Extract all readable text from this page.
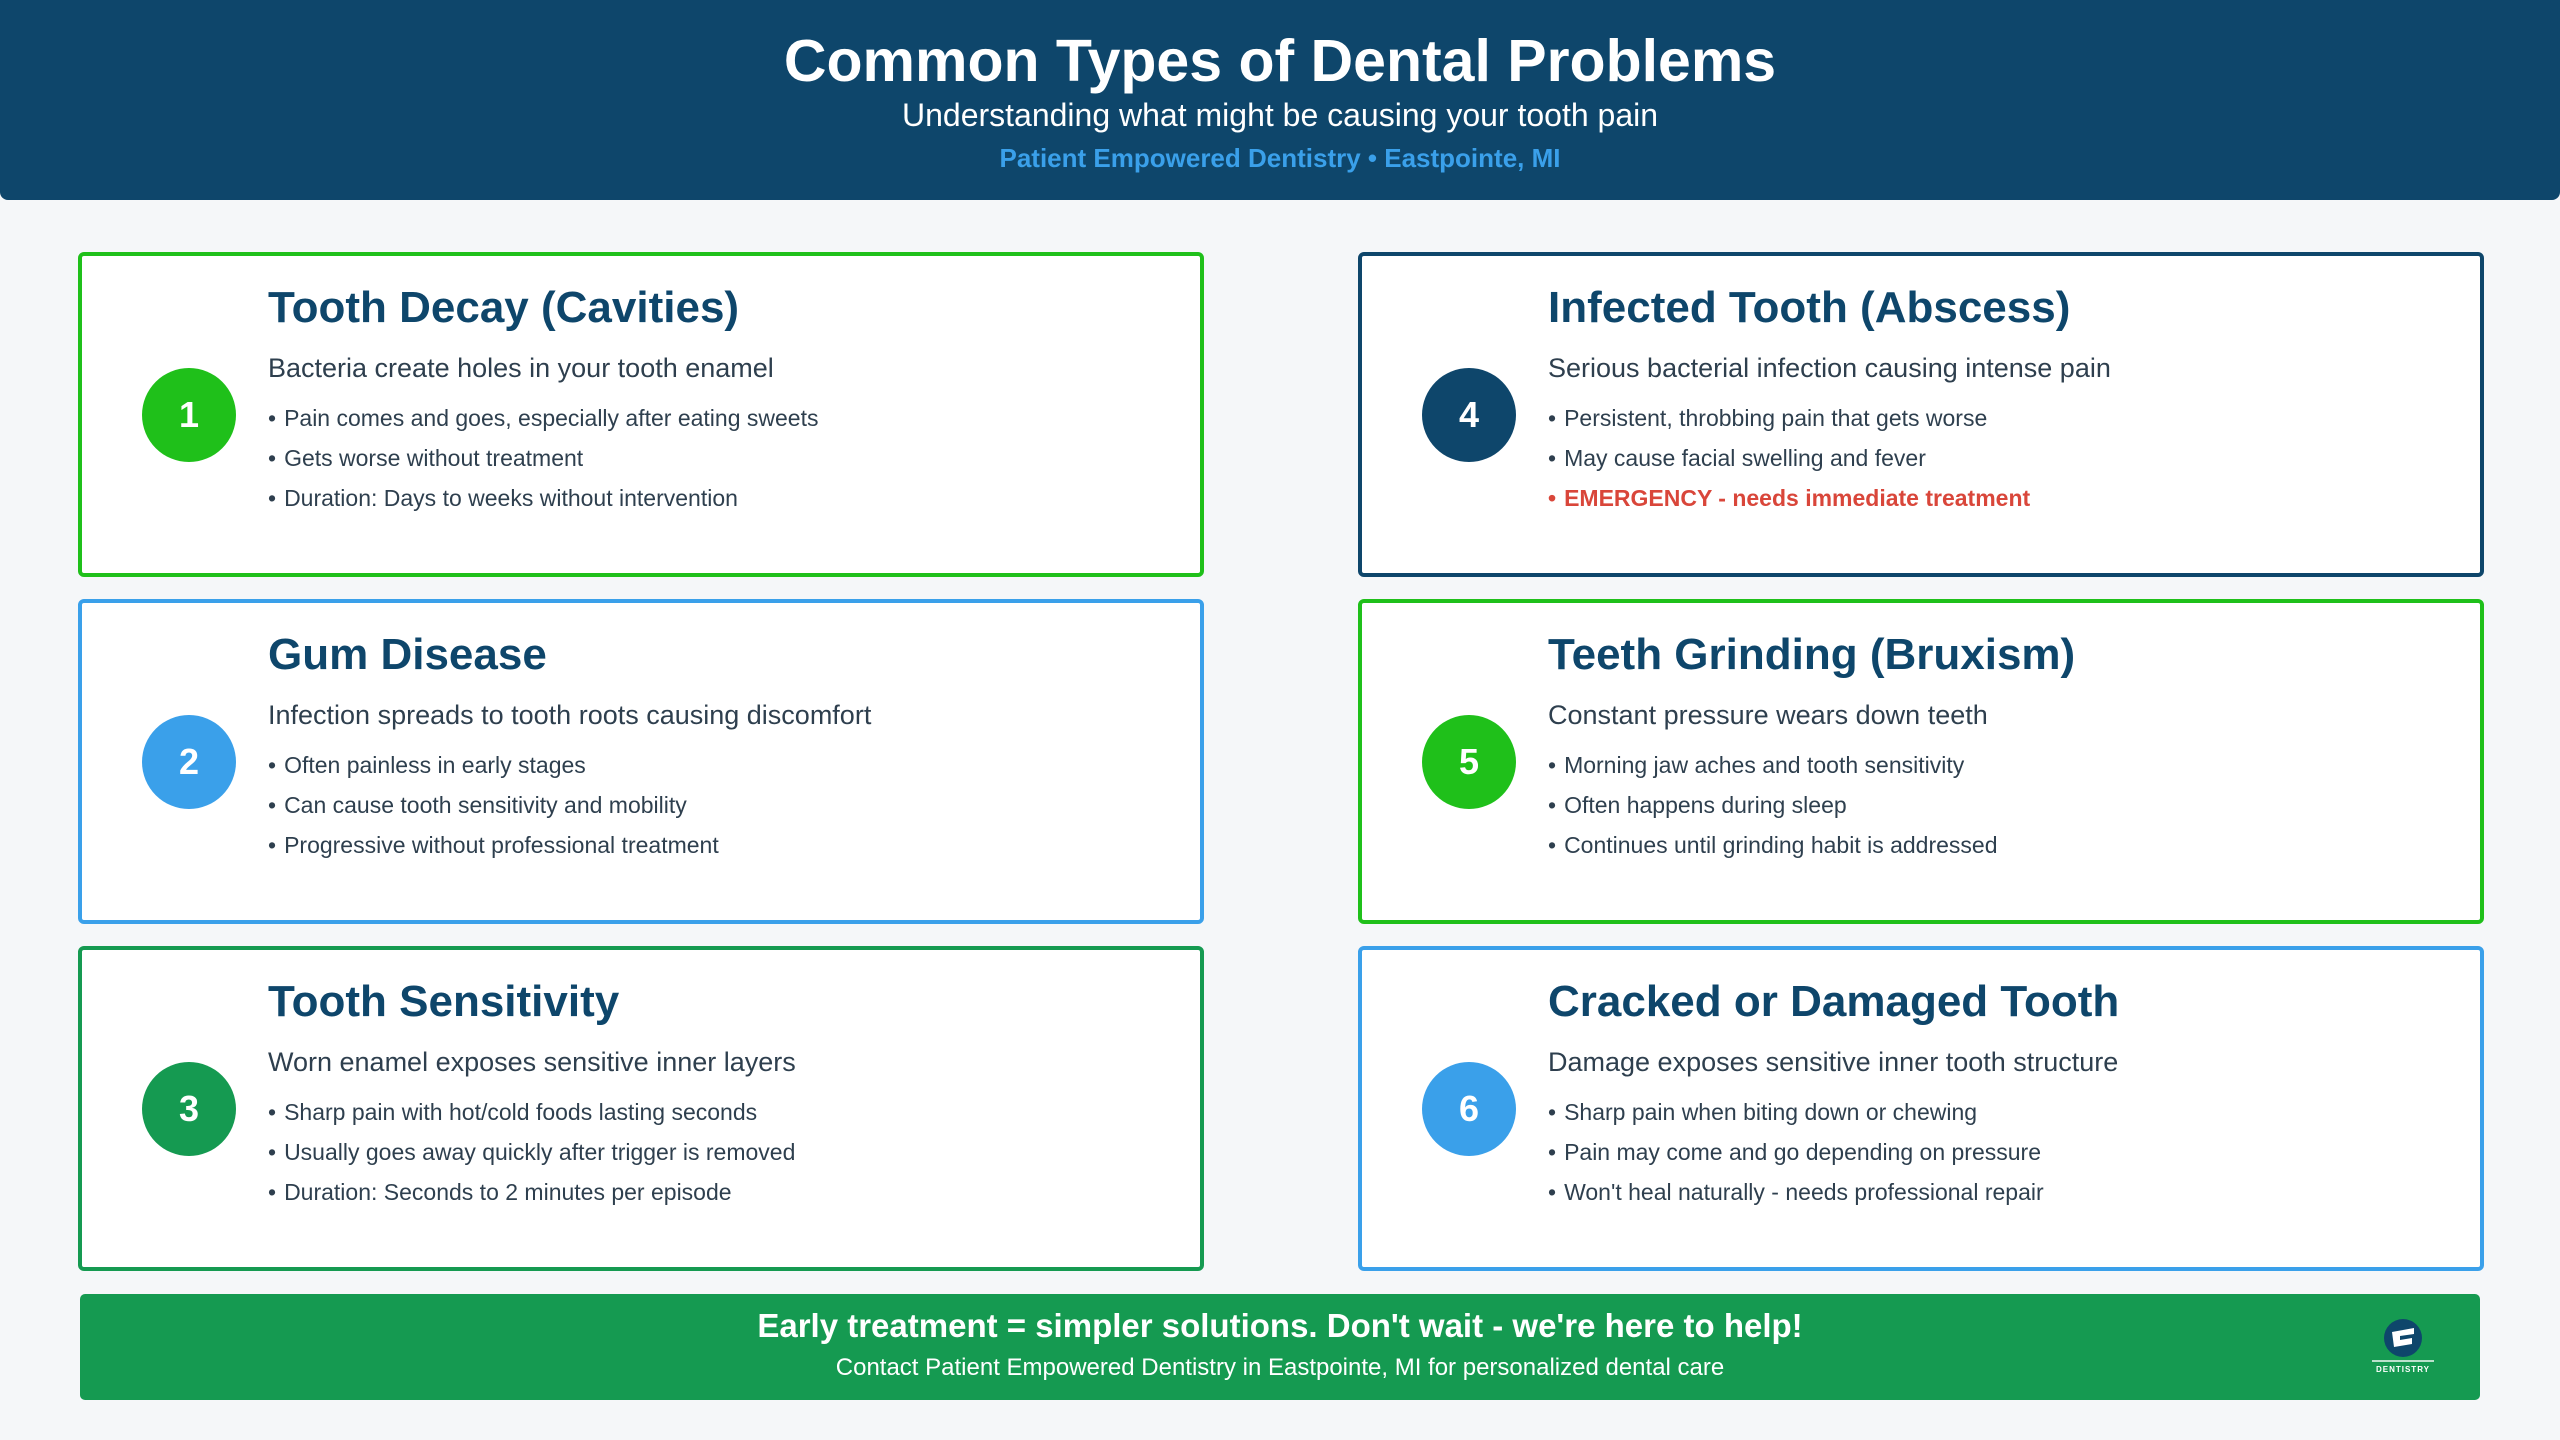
Common Types of Dental Problems
Understanding what might be causing your tooth pain
Patient Empowered Dentistry • Eastpointe, MI
1
Tooth Decay (Cavities)
Bacteria create holes in your tooth enamel
• Pain comes and goes, especially after eating sweets
• Gets worse without treatment
• Duration: Days to weeks without intervention
2
Gum Disease
Infection spreads to tooth roots causing discomfort
• Often painless in early stages
• Can cause tooth sensitivity and mobility
• Progressive without professional treatment
3
Tooth Sensitivity
Worn enamel exposes sensitive inner layers
• Sharp pain with hot/cold foods lasting seconds
• Usually goes away quickly after trigger is removed
• Duration: Seconds to 2 minutes per episode
4
Infected Tooth (Abscess)
Serious bacterial infection causing intense pain
• Persistent, throbbing pain that gets worse
• May cause facial swelling and fever
• EMERGENCY - needs immediate treatment
5
Teeth Grinding (Bruxism)
Constant pressure wears down teeth
• Morning jaw aches and tooth sensitivity
• Often happens during sleep
• Continues until grinding habit is addressed
6
Cracked or Damaged Tooth
Damage exposes sensitive inner tooth structure
• Sharp pain when biting down or chewing
• Pain may come and go depending on pressure
• Won't heal naturally - needs professional repair
Early treatment = simpler solutions. Don't wait - we're here to help!
Contact Patient Empowered Dentistry in Eastpointe, MI for personalized dental care	DENTISTRY
